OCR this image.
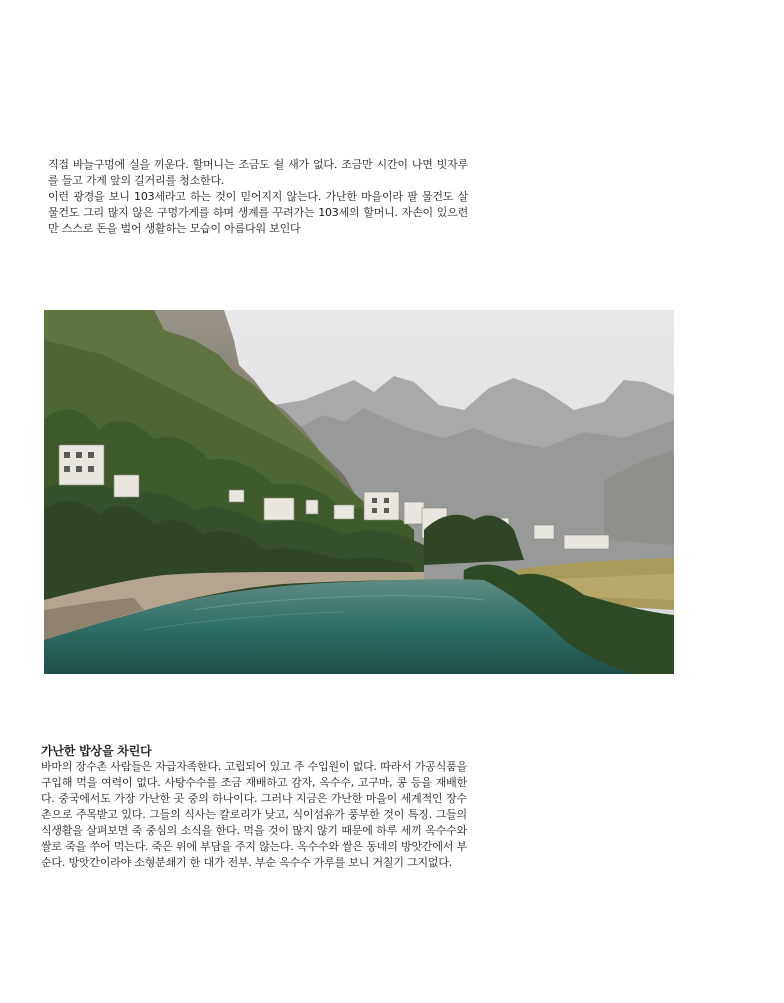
직접 바늘구멍에 실을 끼운다. 할머니는 조금도 쉴 새가 없다. 조금만 시간이 나면 빗자루를 들고 가게 앞의 길거리를 청소한다.

이런 광경을 보니 103세라고 하는 것이 믿어지지 않는다. 가난한 마을이라 팔 물건도 살 물건도 그리 많지 않은 구멍가게를 하며 생계를 꾸려가는 103세의 할머니. 자손이 있으련만 스스로 돈을 벌어 생활하는 모습이 아름다워 보인다

가난한 밥상을 차린다

바마의 장수촌 사람들은 자급자족한다. 고립되어 있고 주 수입원이 없다. 따라서 가공식품을 구입해 먹을 여력이 없다. 사탕수수를 조금 재배하고 감자, 옥수수, 고구마, 콩 등을 재배한다. 중국에서도 가장 가난한 곳 중의 하나이다. 그러나 지금은 가난한 마을이 세계적인 장수촌으로 주목받고 있다. 그들의 식사는 칼로리가 낮고, 식이섬유가 풍부한 것이 특징. 그들의 식생활을 살펴보면 죽 중심의 소식을 한다. 먹을 것이 많지 않기 때문에 하루 세끼 옥수수와 쌀로 죽을 쑤어 먹는다. 죽은 위에 부담을 주지 않는다. 옥수수와 쌀은 동네의 방앗간에서 부순다. 방앗간이라야 소형분쇄기 한 대가 전부. 부순 옥수수 가루를 보니 거칠기 그지없다.
